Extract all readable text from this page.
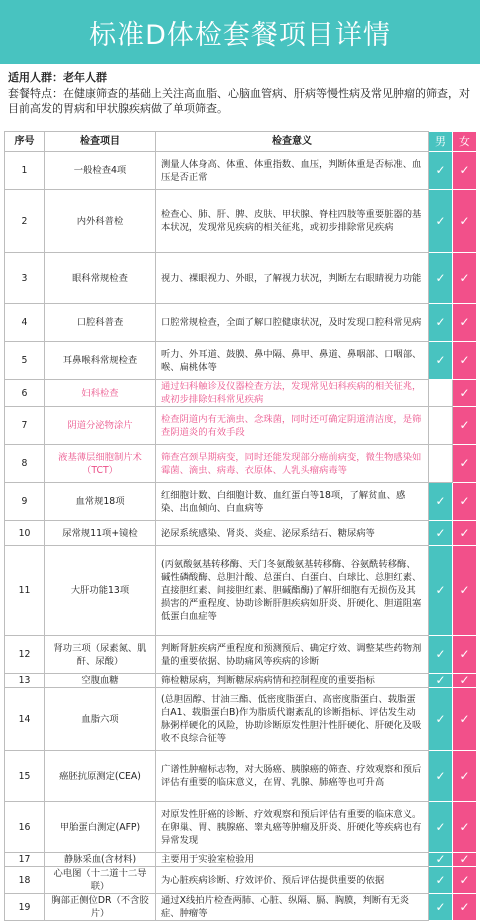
标准D体检套餐项目详情
适用人群：老年人群
套餐特点：在健康筛查的基础上关注高血脂、心脑血管病、肝病等慢性病及常见肿瘤的筛查，对目前高发的胃病和甲状腺疾病做了单项筛查。
序号	检查项目	检查意义	男	女
1	一般检查4项	测量人体身高、体重、体重指数、血压，判断体重是否标准、血压是否正常	✓	✓
2	内外科普检	检查心、肺、肝、脾、皮肤、甲状腺、脊柱四肢等重要脏器的基本状况，发现常见疾病的相关征兆，或初步排除常见疾病	✓	✓
3	眼科常规检查	视力、裸眼视力、外眼，了解视力状况，判断左右眼睛视力功能	✓	✓
4	口腔科普查	口腔常规检查，全面了解口腔健康状况，及时发现口腔科常见病	✓	✓
5	耳鼻喉科常规检查	听力、外耳道、鼓膜、鼻中隔、鼻甲、鼻道、鼻咽部、口咽部、喉、扁桃体等	✓	✓
6	妇科检查	通过妇科触诊及仪器检查方法，发现常见妇科疾病的相关征兆，或初步排除妇科常见疾病		✓
7	阴道分泌物涂片	检查阴道内有无滴虫、念珠菌，同时还可确定阴道清洁度，是筛查阴道炎的有效手段		✓
8	液基薄层细胞制片术（TCT）	筛查宫颈早期病变，同时还能发现部分癌前病变，微生物感染如霉菌、滴虫、病毒、衣原体、人乳头瘤病毒等		✓
9	血常规18项	红细胞计数、白细胞计数、血红蛋白等18项，了解贫血、感染、出血倾向、白血病等	✓	✓
10	尿常规11项+镜检	泌尿系统感染、肾炎、炎症、泌尿系结石、糖尿病等	✓	✓
11	大肝功能13项	(丙氨酸氨基转移酶、天门冬氨酸氨基转移酶、谷氨酰转移酶、碱性磷酸酶、总胆汁酸、总蛋白、白蛋白、白球比、总胆红素、直接胆红素、间接胆红素、胆碱酯酶)了解肝细胞有无损伤及其损害的严重程度、协助诊断肝胆疾病如肝炎、肝硬化、胆道阻塞低蛋白血症等	✓	✓
12	肾功三项（尿素氮、肌酐、尿酸）	判断肾脏疾病严重程度和预测预后、确定疗效、调整某些药物剂量的重要依据、协助痛风等疾病的诊断	✓	✓
13	空腹血糖	筛检糖尿病，判断糖尿病病情和控制程度的重要指标	✓	✓
14	血脂六项	(总胆固醇、甘油三酯、低密度脂蛋白、高密度脂蛋白、载脂蛋白A1、载脂蛋白B)作为脂质代谢紊乱的诊断指标、评估发生动脉粥样硬化的风险，协助诊断原发性胆汁性肝硬化、肝硬化及吸收不良综合征等	✓	✓
15	癌胚抗原测定(CEA)	广谱性肿瘤标志物，对大肠癌、胰腺癌的筛查、疗效观察和预后评估有重要的临床意义，在胃、乳腺、肺癌等也可升高	✓	✓
16	甲胎蛋白测定(AFP)	对原发性肝癌的诊断、疗效观察和预后评估有重要的临床意义。在卵巢、胃、胰腺癌、睾丸癌等肿瘤及肝炎、肝硬化等疾病也有异常发现	✓	✓
17	静脉采血(含材料)	主要用于实验室检验用	✓	✓
18	心电图（十二道十二导联）	为心脏疾病诊断、疗效评价、预后评估提供重要的依据	✓	✓
19	胸部正侧位DR（不含胶片）	通过X线拍片检查两肺、心脏、纵隔、膈、胸膜，判断有无炎症、肿瘤等	✓	✓
